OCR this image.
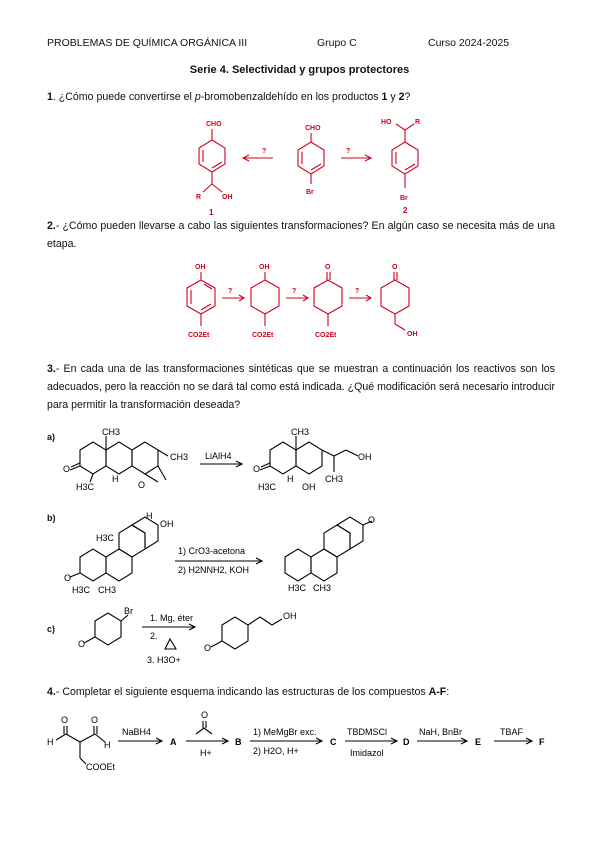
PROBLEMAS DE QUÍMICA ORGÁNICA III	Grupo C	Curso 2024-2025
Serie 4. Selectividad y grupos protectores
1. ¿Cómo puede convertirse el p-bromobenzaldehído en los productos 1 y 2?
CHO
R	OH
1
?
CHO
Br
?
HO	R
Br
2
2.- ¿Cómo pueden llevarse a cabo las siguientes transformaciones? En algún caso se necesita más de una etapa.
OH
CO2Et
?
OH
CO2Et
?
O
CO2Et
?
O
OH
3.- En cada una de las transformaciones sintéticas que se muestran a continuación los reactivos son los adecuados, pero la reacción no se dará tal como está indicada. ¿Qué modificación será necesario introducir para permitir la transformación deseada?
a)
O
CH3
H3C
H
O
CH3 LiAlH4
O
CH3
H3C
H
OH
OH
CH3
b)
O
H3C
H
OH
H3C CH3
1) CrO3-acetona
2) H2NNH2, KOH
O
H3C CH3
c)
O
Br
1. Mg, éter
2.
3. H3O+
O
OH
4.- Completar el siguiente esquema indicando las estructuras de los compuestos A-F:
O	O
H	H
COOEt
NaBH4
A
O
H+
B
1) MeMgBr exc.
2) H2O, H+
C
TBDMSCl
Imidazol
D
NaH, BnBr
E
TBAF
F
